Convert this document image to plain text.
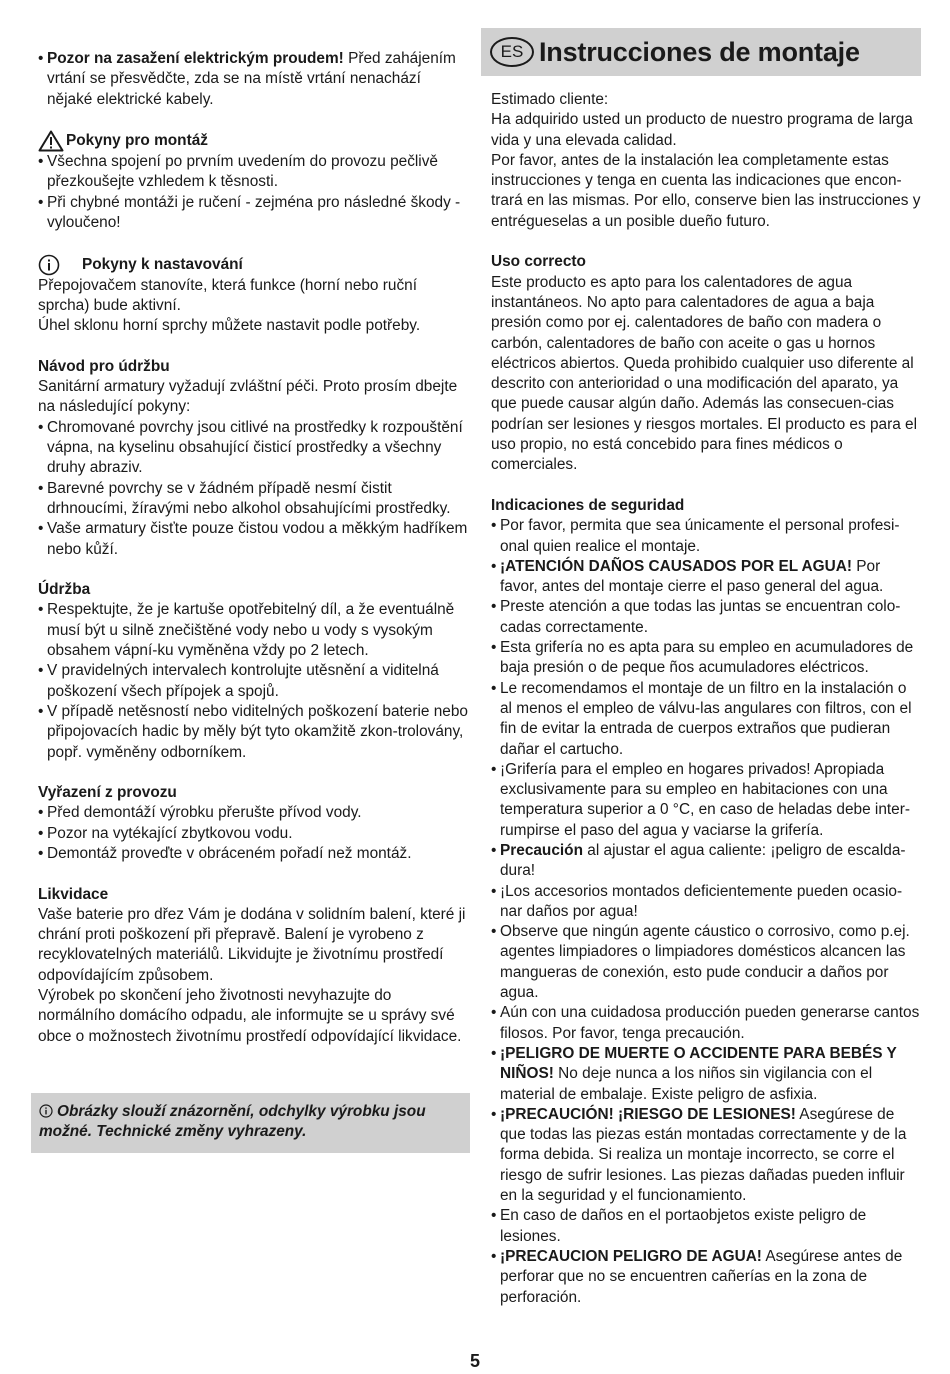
• Pozor na zasažení elektrickým proudem! Před zahájením vrtání se přesvědčte, zda se na místě vrtání nenachází nějaké elektrické kabely.
Pokyny pro montáž
• Všechna spojení po prvním uvedením do provozu pečlivě přezkoušejte vzhledem k těsnosti.
• Při chybné montáži je ručení - zejména pro následné škody - vyloučeno!
Pokyny k nastavování

Přepojovačem stanovíte, která funkce (horní nebo ruční sprcha) bude aktivní.

Úhel sklonu horní sprchy můžete nastavit podle potřeby.

Návod pro údržbu

Sanitární armatury vyžadují zvláštní péči. Proto prosím dbejte na následující pokyny:

• Chromované povrchy jsou citlivé na prostředky k rozpouštění vápna, na kyselinu obsahující čisticí prostředky a všechny druhy abraziv.
• Barevné povrchy se v žádném případě nesmí čistit drhnoucími, žíravými nebo alkohol obsahujícími prostředky.
• Vaše armatury čisťte pouze čistou vodou a měkkým hadříkem nebo kůží.

Údržba

• Respektujte, že je kartuše opotřebitelný díl, a že eventuálně musí být u silně znečištěné vody nebo u vody s vysokým obsahem vápní-ku vyměněna vždy po 2 letech.
• V pravidelných intervalech kontrolujte utěsnění a viditelná poškození všech přípojek a spojů.
• V případě netěsností nebo viditelných poškození baterie nebo připojovacích hadic by měly být tyto okamžitě zkon-trolovány, popř. vyměněny odborníkem.

Vyřazení z provozu

• Před demontáží výrobku přerušte přívod vody.
• Pozor na vytékající zbytkovou vodu.
• Demontáž proveďte v obráceném pořadí než montáž.

Likvidace

Vaše baterie pro dřez Vám je dodána v solidním balení, které ji chrání proti poškození při přepravě. Balení je vyrobeno z recyklovatelných materiálů. Likvidujte je životnímu prostředí odpovídajícím způsobem.

Výrobek po skončení jeho životnosti nevyhazujte do normálního domácího odpadu, ale informujte se u správy své obce o možnostech životnímu prostředí odpovídající likvidace.

Obrázky slouží znázornění, odchylky výrobku jsou možné. Technické změny vyhrazeny.
ES Instrucciones de montaje

Estimado cliente:

Ha adquirido usted un producto de nuestro programa de larga vida y una elevada calidad.

Por favor, antes de la instalación lea completamente estas instrucciones y tenga en cuenta las indicaciones que encon-trará en las mismas. Por ello, conserve bien las instrucciones y entrégueselas a un posible dueño futuro.

Uso correcto

Este producto es apto para los calentadores de agua instantáneos. No apto para calentadores de agua a baja presión como por ej. calentadores de baño con madera o carbón, calentadores de baño con aceite o gas u hornos eléctricos abiertos. Queda prohibido cualquier uso diferente al descrito con anterioridad o una modificación del aparato, ya que puede causar algún daño. Además las consecuen-cias podrían ser lesiones y riesgos mortales. El producto es para el uso propio, no está concebido para fines médicos o comerciales.

Indicaciones de seguridad

• Por favor, permita que sea únicamente el personal profesi-onal quien realice el montaje.
• ¡ATENCIÓN DAÑOS CAUSADOS POR EL AGUA! Por favor, antes del montaje cierre el paso general del agua.
• Preste atención a que todas las juntas se encuentran colo-cadas correctamente.
• Esta grifería no es apta para su empleo en acumuladores de baja presión o de peque ños acumuladores eléctricos.
• Le recomendamos el montaje de un filtro en la instalación o al menos el empleo de válvu-las angulares con filtros, con el fin de evitar la entrada de cuerpos extraños que pudieran dañar el cartucho.
• ¡Grifería para el empleo en hogares privados! Apropiada exclusivamente para su empleo en habitaciones con una temperatura superior a 0 °C, en caso de heladas debe inter-rumpirse el paso del agua y vaciarse la grifería.
• Precaución al ajustar el agua caliente: ¡peligro de escalda-dura!
• ¡Los accesorios montados deficientemente pueden ocasio-nar daños por agua!
• Observe que ningún agente cáustico o corrosivo, como p.ej. agentes limpiadores o limpiadores domésticos alcancen las mangueras de conexión, esto pude conducir a daños por agua.
• Aún con una cuidadosa producción pueden generarse cantos filosos. Por favor, tenga precaución.
• ¡PELIGRO DE MUERTE O ACCIDENTE PARA BEBÉS Y NIÑOS! No deje nunca a los niños sin vigilancia con el material de embalaje. Existe peligro de asfixia.
• ¡PRECAUCIÓN! ¡RIESGO DE LESIONES! Asegúrese de que todas las piezas están montadas correctamente y de la forma debida. Si realiza un montaje incorrecto, se corre el riesgo de sufrir lesiones. Las piezas dañadas pueden influir en la seguridad y el funcionamiento.
• En caso de daños en el portaobjetos existe peligro de lesiones.
• ¡PRECAUCION PELIGRO DE AGUA! Asegúrese antes de perforar que no se encuentren cañerías en la zona de perforación.
5
